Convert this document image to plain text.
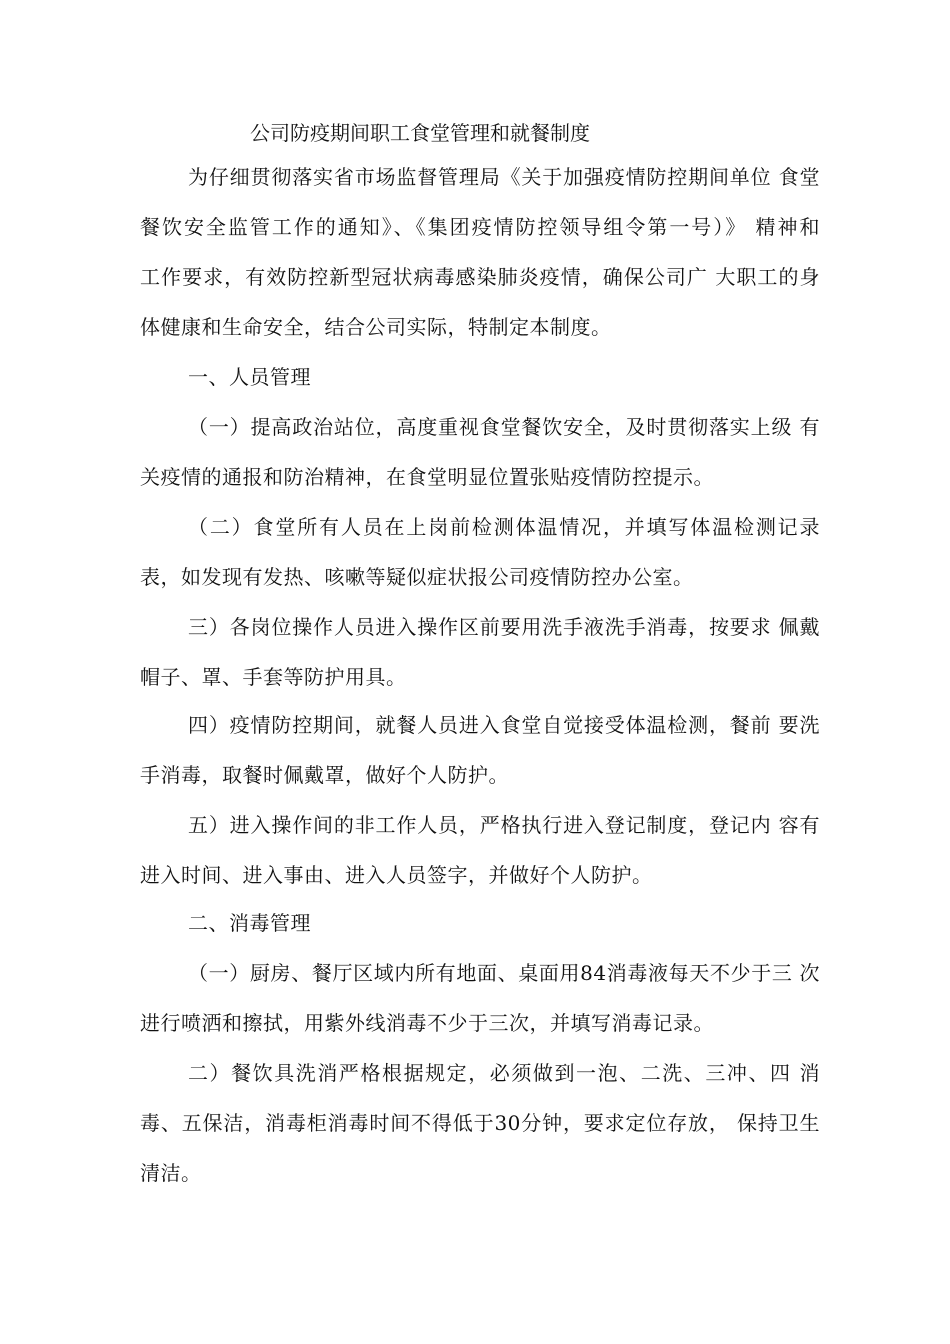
公司防疫期间职工食堂管理和就餐制度
为仔细贯彻落实省市场监督管理局《关于加强疫情防控期间单位 食堂
餐饮安全监管工作的通知》、《集团疫情防控领导组令第一号）》 精神和
工作要求，有效防控新型冠状病毒感染肺炎疫情，确保公司广 大职工的身
体健康和生命安全，结合公司实际，特制定本制度。
一、人员管理
（一）提高政治站位，高度重视食堂餐饮安全，及时贯彻落实上级 有
关疫情的通报和防治精神，在食堂明显位置张贴疫情防控提示。
（二）食堂所有人员在上岗前检测体温情况，并填写体温检测记录
表，如发现有发热、咳嗽等疑似症状报公司疫情防控办公室。
三）各岗位操作人员进入操作区前要用洗手液洗手消毒，按要求 佩戴
帽子、罩、手套等防护用具。
四）疫情防控期间，就餐人员进入食堂自觉接受体温检测，餐前 要洗
手消毒，取餐时佩戴罩，做好个人防护。
五）进入操作间的非工作人员，严格执行进入登记制度，登记内 容有
进入时间、进入事由、进入人员签字，并做好个人防护。
二、消毒管理
（一）厨房、餐厅区域内所有地面、桌面用84消毒液每天不少于三 次
进行喷洒和擦拭，用紫外线消毒不少于三次，并填写消毒记录。
二）餐饮具洗消严格根据规定，必须做到一泡、二洗、三冲、四 消
毒、五保洁，消毒柜消毒时间不得低于30分钟，要求定位存放， 保持卫生
清洁。
